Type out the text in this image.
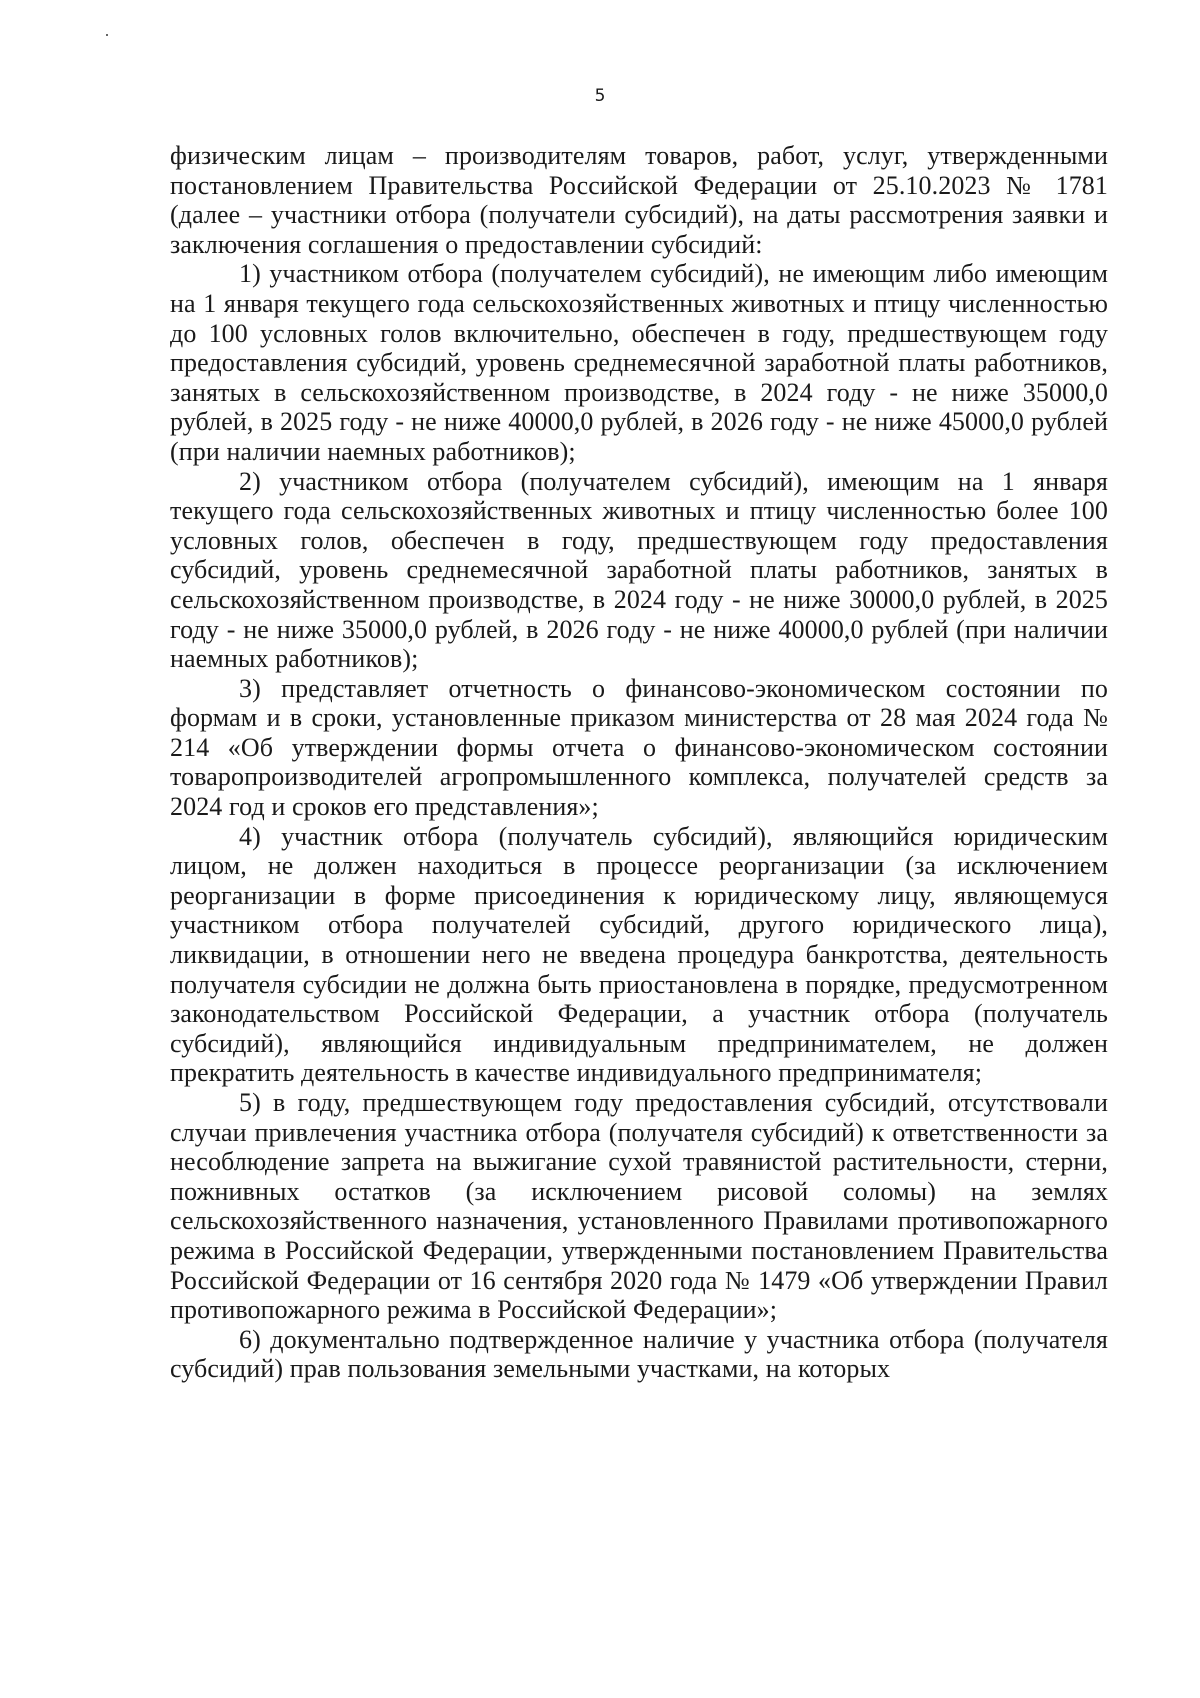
5

физическим лицам – производителям товаров, работ, услуг, утвержденными постановлением Правительства Российской Федерации от 25.10.2023 № 1781 (далее – участники отбора (получатели субсидий), на даты рассмотрения заявки и заключения соглашения о предоставлении субсидий:

1) участником отбора (получателем субсидий), не имеющим либо имеющим на 1 января текущего года сельскохозяйственных животных и птицу численностью до 100 условных голов включительно, обеспечен в году, предшествующем году предоставления субсидий, уровень среднемесячной заработной платы работников, занятых в сельскохозяйственном производстве, в 2024 году - не ниже 35000,0 рублей, в 2025 году - не ниже 40000,0 рублей, в 2026 году - не ниже 45000,0 рублей (при наличии наемных работников);

2) участником отбора (получателем субсидий), имеющим на 1 января текущего года сельскохозяйственных животных и птицу численностью более 100 условных голов, обеспечен в году, предшествующем году предоставления субсидий, уровень среднемесячной заработной платы работников, занятых в сельскохозяйственном производстве, в 2024 году - не ниже 30000,0 рублей, в 2025 году - не ниже 35000,0 рублей, в 2026 году - не ниже 40000,0 рублей (при наличии наемных работников);

3) представляет отчетность о финансово-экономическом состоянии по формам и в сроки, установленные приказом министерства от 28 мая 2024 года № 214 «Об утверждении формы отчета о финансово-экономическом состоянии товаропроизводителей агропромышленного комплекса, получателей средств за 2024 год и сроков его представления»;

4) участник отбора (получатель субсидий), являющийся юридическим лицом, не должен находиться в процессе реорганизации (за исключением реорганизации в форме присоединения к юридическому лицу, являющемуся участником отбора получателей субсидий, другого юридического лица), ликвидации, в отношении него не введена процедура банкротства, деятельность получателя субсидии не должна быть приостановлена в порядке, предусмотренном законодательством Российской Федерации, а участник отбора (получатель субсидий), являющийся индивидуальным предпринимателем, не должен прекратить деятельность в качестве индивидуального предпринимателя;

5) в году, предшествующем году предоставления субсидий, отсутствовали случаи привлечения участника отбора (получателя субсидий) к ответственности за несоблюдение запрета на выжигание сухой травянистой растительности, стерни, пожнивных остатков (за исключением рисовой соломы) на землях сельскохозяйственного назначения, установленного Правилами противопожарного режима в Российской Федерации, утвержденными постановлением Правительства Российской Федерации от 16 сентября 2020 года № 1479 «Об утверждении Правил противопожарного режима в Российской Федерации»;

6) документально подтвержденное наличие у участника отбора (получателя субсидий) прав пользования земельными участками, на которых
